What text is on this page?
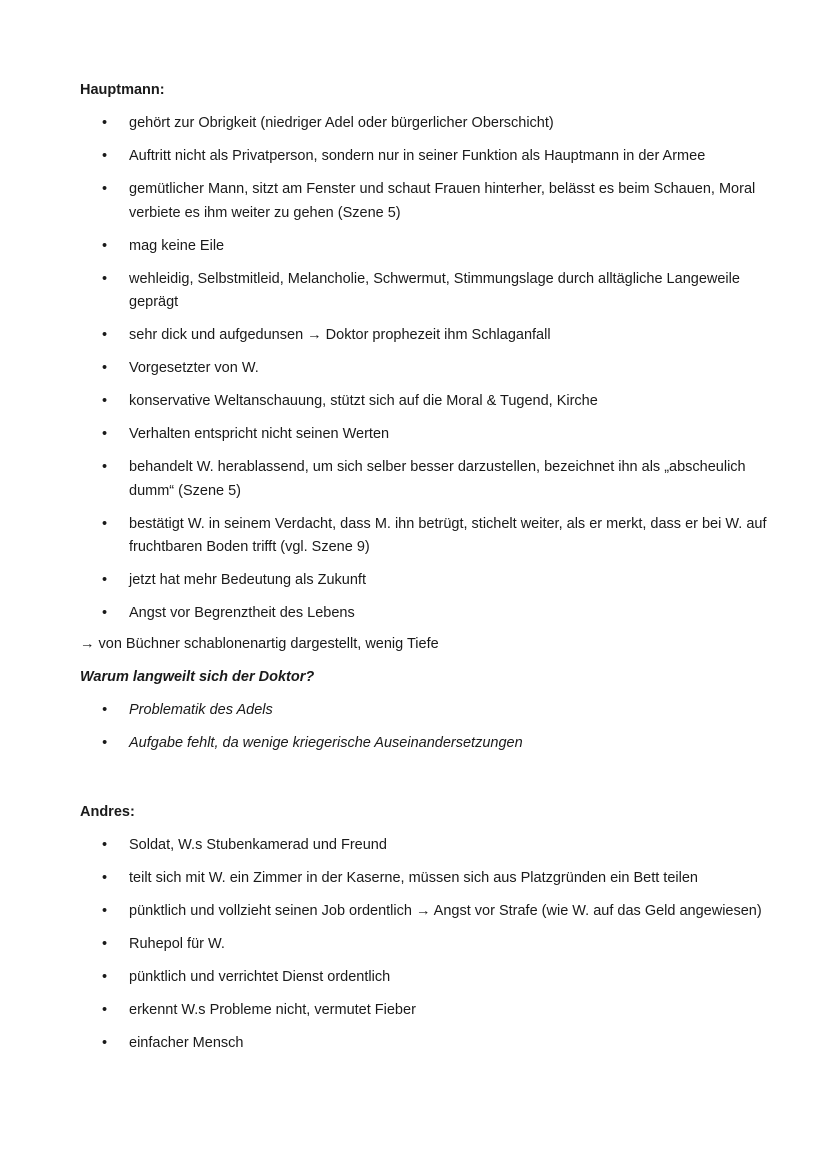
Hauptmann:
• gehört zur Obrigkeit (niedriger Adel oder bürgerlicher Oberschicht)
• Auftritt nicht als Privatperson, sondern nur in seiner Funktion als Hauptmann in der Armee
• gemütlicher Mann, sitzt am Fenster und schaut Frauen hinterher, belässt es beim Schauen, Moral verbiete es ihm weiter zu gehen (Szene 5)
• mag keine Eile
• wehleidig, Selbstmitleid, Melancholie, Schwermut, Stimmungslage durch alltägliche Langeweile geprägt
• sehr dick und aufgedunsen → Doktor prophezeit ihm Schlaganfall
• Vorgesetzter von W.
• konservative Weltanschauung, stützt sich auf die Moral & Tugend, Kirche
• Verhalten entspricht nicht seinen Werten
• behandelt W. herablassend, um sich selber besser darzustellen, bezeichnet ihn als „abscheulich dumm“ (Szene 5)
• bestätigt W. in seinem Verdacht, dass M. ihn betrügt, stichelt weiter, als er merkt, dass er bei W. auf fruchtbaren Boden trifft (vgl. Szene 9)
• jetzt hat mehr Bedeutung als Zukunft
• Angst vor Begrenztheit des Lebens
→ von Büchner schablonenartig dargestellt, wenig Tiefe
Warum langweilt sich der Doktor?
• Problematik des Adels
• Aufgabe fehlt, da wenige kriegerische Auseinandersetzungen
Andres:
• Soldat, W.s Stubenkamerad und Freund
• teilt sich mit W. ein Zimmer in der Kaserne, müssen sich aus Platzgründen ein Bett teilen
• pünktlich und vollzieht seinen Job ordentlich → Angst vor Strafe (wie W. auf das Geld angewiesen)
• Ruhepol für W.
• pünktlich und verrichtet Dienst ordentlich
• erkennt W.s Probleme nicht, vermutet Fieber
• einfacher Mensch
